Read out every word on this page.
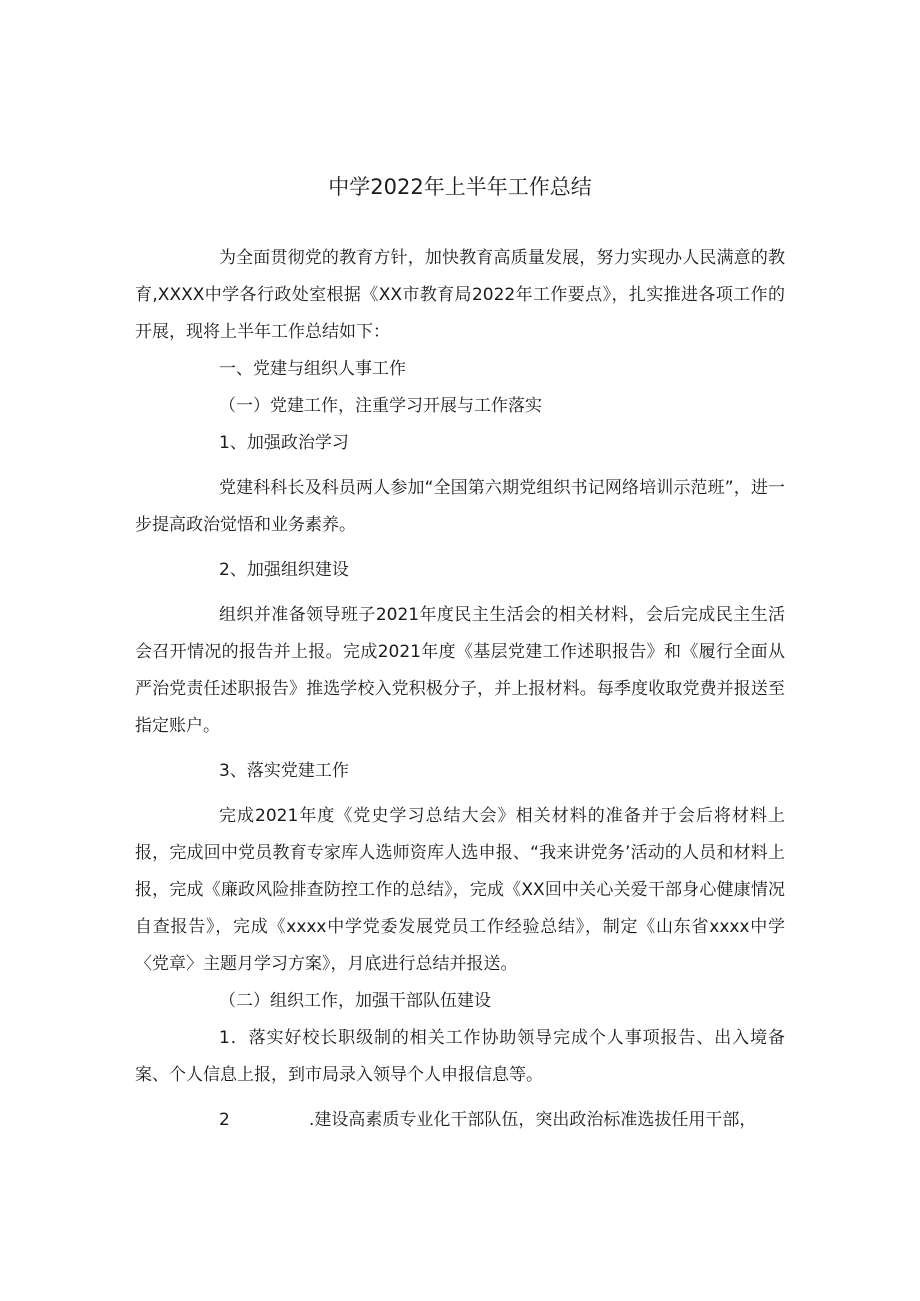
中学2022年上半年工作总结

为全面贯彻党的教育方针，加快教育高质量发展，努力实现办人民满意的教育,XXXX中学各行政处室根据《XX市教育局2022年工作要点》，扎实推进各项工作的开展，现将上半年工作总结如下：

一、党建与组织人事工作

（一）党建工作，注重学习开展与工作落实

1、加强政治学习

党建科科长及科员两人参加“全国第六期党组织书记网络培训示范班”，进一步提高政治觉悟和业务素养。

2、加强组织建设

组织并准备领导班子2021年度民主生活会的相关材料，会后完成民主生活会召开情况的报告并上报。完成2021年度《基层党建工作述职报告》和《履行全面从严治党责任述职报告》推选学校入党积极分子，并上报材料。每季度收取党费并报送至指定账户。

3、落实党建工作

完成2021年度《党史学习总结大会》相关材料的准备并于会后将材料上报，完成回中党员教育专家库人选师资库人选申报、“我来讲党务’活动的人员和材料上报，完成《廉政风险排查防控工作的总结》，完成《XX回中关心关爱干部身心健康情况自查报告》，完成《xxxx中学党委发展党员工作经验总结》，制定《山东省xxxx中学〈党章〉主题月学习方案》，月底进行总结并报送。

（二）组织工作，加强干部队伍建设

1．落实好校长职级制的相关工作协助领导完成个人事项报告、出入境备案、个人信息上报，到市局录入领导个人申报信息等。

2	.建设高素质专业化干部队伍，突出政治标准选拔任用干部，
